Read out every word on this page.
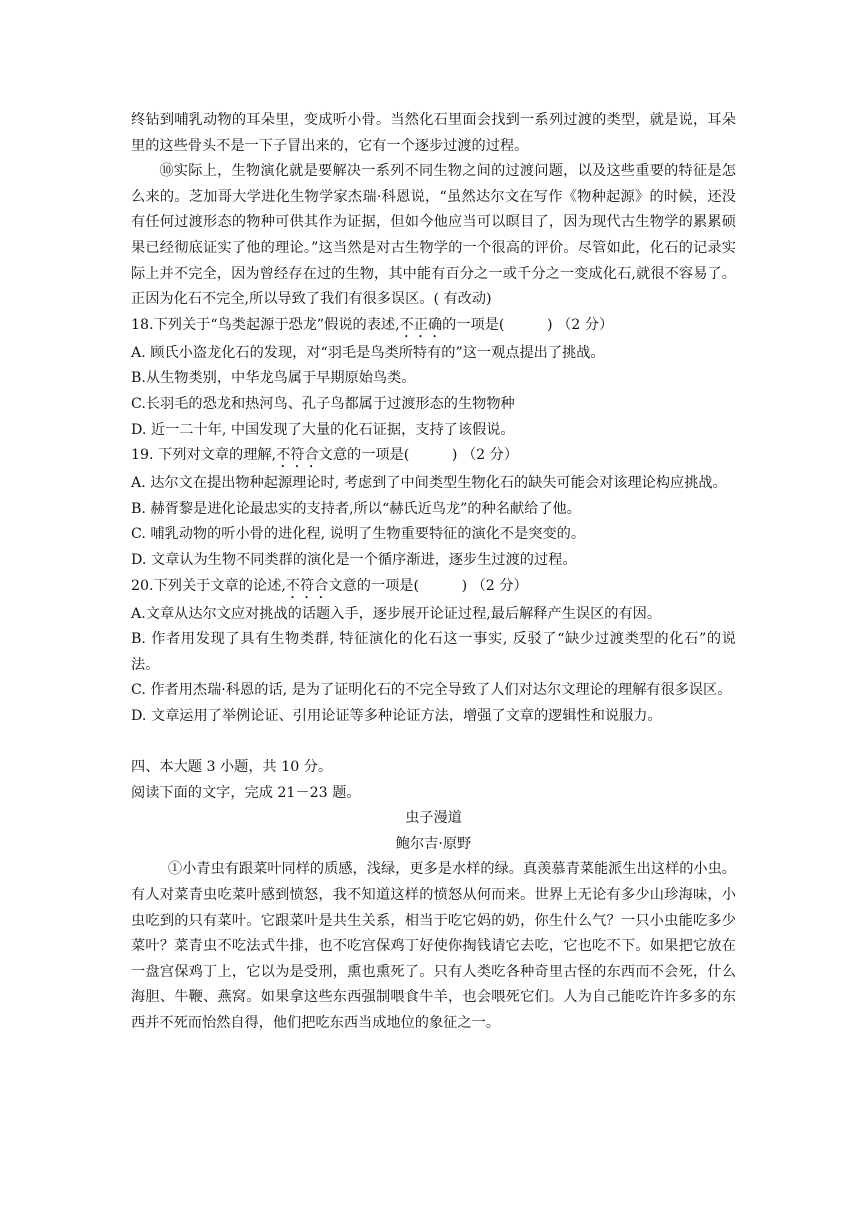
终钻到哺乳动物的耳朵里，变成听小骨。当然化石里面会找到一系列过渡的类型，就是说，耳朵里的这些骨头不是一下子冒出来的，它有一个逐步过渡的过程。

⑩实际上，生物演化就是要解决一系列不同生物之间的过渡问题，以及这些重要的特征是怎么来的。芝加哥大学进化生物学家杰瑞·科恩说，“虽然达尔文在写作《物种起源》的时候，还没有任何过渡形态的物种可供其作为证据，但如今他应当可以瞑目了，因为现代古生物学的累累硕果已经彻底证实了他的理论。”这当然是对古生物学的一个很高的评价。尽管如此，化石的记录实际上并不完全，因为曾经存在过的生物，其中能有百分之一或千分之一变成化石,就很不容易了。正因为化石不完全,所以导致了我们有很多误区。( 有改动)

18.下列关于“鸟类起源于恐龙”假说的表述,不正确的一项是(　　　) （2 分）

A. 顾氏小盗龙化石的发现，对“羽毛是鸟类所特有的”这一观点提出了挑战。

B.从生物类别，中华龙鸟属于早期原始鸟类。

C.长羽毛的恐龙和热河鸟、孔子鸟都属于过渡形态的生物物种

D. 近一二十年, 中国发现了大量的化石证据，支持了该假说。

19. 下列对文章的理解,不符合文意的一项是(　　　) （2 分）

A. 达尔文在提出物种起源理论时, 考虑到了中间类型生物化石的缺失可能会对该理论构应挑战。

B. 赫胥黎是进化论最忠实的支持者,所以“赫氏近鸟龙”的种名献给了他。

C. 哺乳动物的听小骨的进化程, 说明了生物重要特征的演化不是突变的。

D. 文章认为生物不同类群的演化是一个循序渐进，逐步生过渡的过程。

20.下列关于文章的论述,不符合文意的一项是(　　　) （2 分）

A.文章从达尔文应对挑战的话题入手，逐步展开论证过程,最后解释产生误区的有因。

B. 作者用发现了具有生物类群, 特征演化的化石这一事实, 反驳了“缺少过渡类型的化石”的说法。

C. 作者用杰瑞·科恩的话, 是为了证明化石的不完全导致了人们对达尔文理论的理解有很多误区。

D. 文章运用了举例论证、引用论证等多种论证方法，增强了文章的逻辑性和说服力。

四、本大题 3 小题，共 10 分。

阅读下面的文字，完成 21－23 题。

虫子漫道

鲍尔吉·原野

①小青虫有跟菜叶同样的质感，浅绿，更多是水样的绿。真羡慕青菜能派生出这样的小虫。有人对菜青虫吃菜叶感到愤怒，我不知道这样的愤怒从何而来。世界上无论有多少山珍海味，小虫吃到的只有菜叶。它跟菜叶是共生关系，相当于吃它妈的奶，你生什么气？一只小虫能吃多少菜叶？菜青虫不吃法式牛排，也不吃宫保鸡丁好使你掏钱请它去吃，它也吃不下。如果把它放在一盘宫保鸡丁上，它以为是受刑，熏也熏死了。只有人类吃各种奇里古怪的东西而不会死，什么海胆、牛鞭、燕窝。如果拿这些东西强制喂食牛羊，也会喂死它们。人为自己能吃许许多多的东西并不死而怡然自得，他们把吃东西当成地位的象征之一。
